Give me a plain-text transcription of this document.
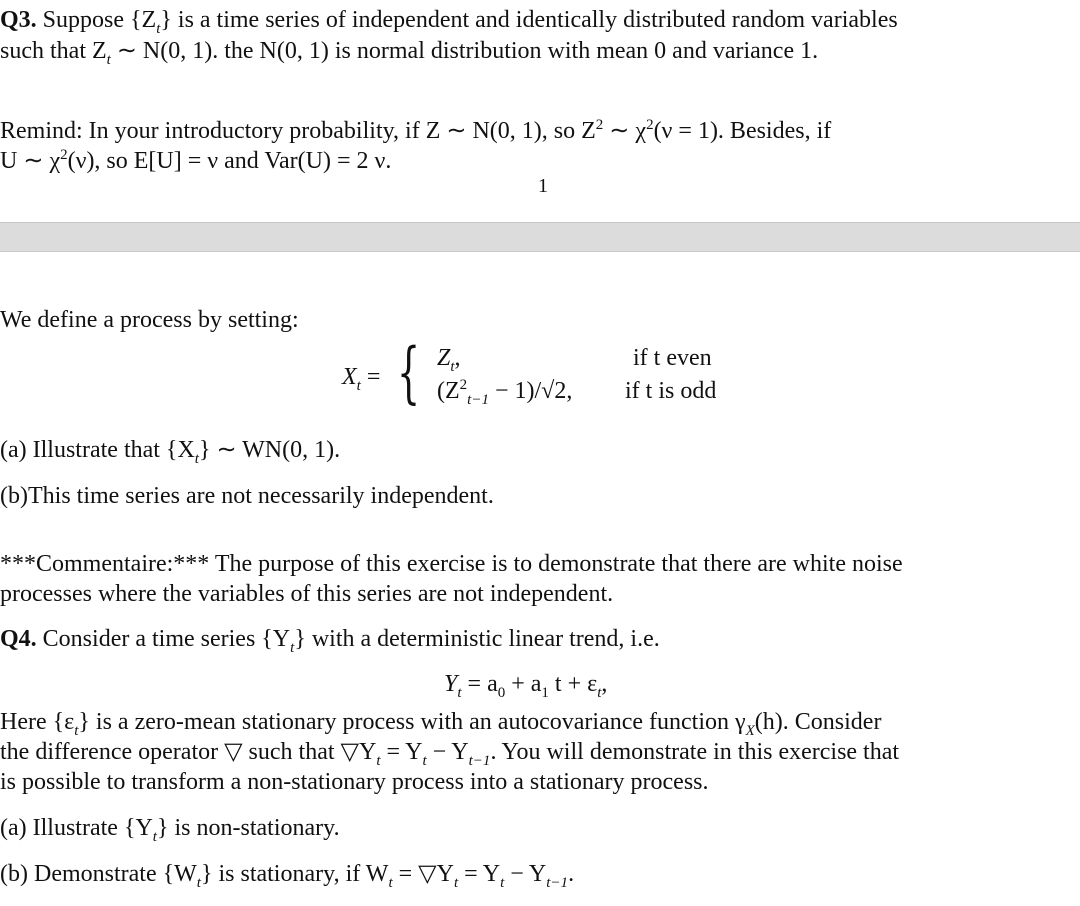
Q3. Suppose $\{Z_t\}$ is a time series of independent and identically distributed random variables
such that $Z_t$ ∼ N(0, 1). the N(0, 1) is normal distribution with mean 0 and variance 1.
Remind: In your introductory probability, if Z ∼ N(0, 1), so $Z^2$ ∼ $\chi^2(\nu = 1)$. Besides, if
U ∼ $\chi^2(\nu)$, so E[U] = ν and Var(U) = 2 ν.
1
We define a process by setting:
$X_t$ = { $Z_t$,	if t even
$(Z^2_{t-1} - 1)/√2$, if t is odd
(a) Illustrate that $\{X_t\}$ ∼ WN(0, 1).
(b)This time series are not necessarily independent.
***Commentaire:*** The purpose of this exercise is to demonstrate that there are white noise
processes where the variables of this series are not independent.
Q4. Consider a time series $\{Y_t\}$ with a deterministic linear trend, i.e.
$Y_t = a_0 + a_1$ $t + \varepsilon_t$,
Here $\{\varepsilon_t\}$ is a zero-mean stationary process with an autocovariance function $\gamma_X(h)$. Consider
the difference operator ▽ such that $▽Y_t = Y_t - Y_{t-1}$. You will demonstrate in this exercise that
is possible to transform a non-stationary process into a stationary process.
(a) Illustrate $\{Y_t\}$ is non-stationary.
(b) Demonstrate $\{W_t\}$ is stationary, if $W_t$ = $▽Y_t = Y_t - Y_{t-1}$.
